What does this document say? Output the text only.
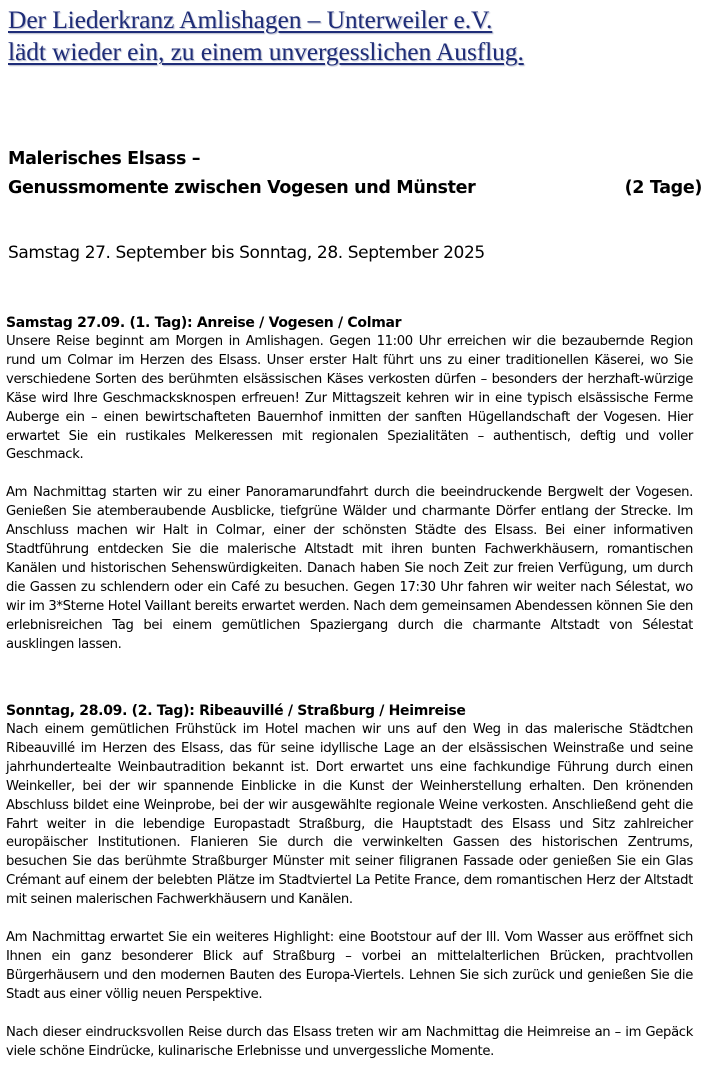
Der Liederkranz Amlishagen – Unterweiler e.V.
lädt wieder ein, zu einem unvergesslichen Ausflug.
Malerisches Elsass –
Genussmomente zwischen Vogesen und Münster	(2 Tage)
Samstag 27. September bis Sonntag, 28. September 2025

Samstag 27.09. (1. Tag): Anreise / Vogesen / Colmar

Unsere Reise beginnt am Morgen in Amlishagen. Gegen 11:00 Uhr erreichen wir die bezaubernde Region rund um Colmar im Herzen des Elsass. Unser erster Halt führt uns zu einer traditionellen Käserei, wo Sie verschiedene Sorten des berühmten elsässischen Käses verkosten dürfen – besonders der herzhaft-würzige Käse wird Ihre Geschmacksknospen erfreuen! Zur Mittagszeit kehren wir in eine typisch elsässische Ferme Auberge ein – einen bewirtschafteten Bauernhof inmitten der sanften Hügellandschaft der Vogesen. Hier erwartet Sie ein rustikales Melkeressen mit regionalen Spezialitäten – authentisch, deftig und voller Geschmack.

Am Nachmittag starten wir zu einer Panoramarundfahrt durch die beeindruckende Bergwelt der Vogesen. Genießen Sie atemberaubende Ausblicke, tiefgrüne Wälder und charmante Dörfer entlang der Strecke. Im Anschluss machen wir Halt in Colmar, einer der schönsten Städte des Elsass. Bei einer informativen Stadtführung entdecken Sie die malerische Altstadt mit ihren bunten Fachwerkhäusern, romantischen Kanälen und historischen Sehenswürdigkeiten. Danach haben Sie noch Zeit zur freien Verfügung, um durch die Gassen zu schlendern oder ein Café zu besuchen. Gegen 17:30 Uhr fahren wir weiter nach Sélestat, wo wir im 3*Sterne Hotel Vaillant bereits erwartet werden. Nach dem gemeinsamen Abendessen können Sie den erlebnisreichen Tag bei einem gemütlichen Spaziergang durch die charmante Altstadt von Sélestat ausklingen lassen.

Sonntag, 28.09. (2. Tag): Ribeauvillé / Straßburg / Heimreise

Nach einem gemütlichen Frühstück im Hotel machen wir uns auf den Weg in das malerische Städtchen Ribeauvillé im Herzen des Elsass, das für seine idyllische Lage an der elsässischen Weinstraße und seine jahrhundertealte Weinbautradition bekannt ist. Dort erwartet uns eine fachkundige Führung durch einen Weinkeller, bei der wir spannende Einblicke in die Kunst der Weinherstellung erhalten. Den krönenden Abschluss bildet eine Weinprobe, bei der wir ausgewählte regionale Weine verkosten. Anschließend geht die Fahrt weiter in die lebendige Europastadt Straßburg, die Hauptstadt des Elsass und Sitz zahlreicher europäischer Institutionen. Flanieren Sie durch die verwinkelten Gassen des historischen Zentrums, besuchen Sie das berühmte Straßburger Münster mit seiner filigranen Fassade oder genießen Sie ein Glas Crémant auf einem der belebten Plätze im Stadtviertel La Petite France, dem romantischen Herz der Altstadt mit seinen malerischen Fachwerkhäusern und Kanälen.

Am Nachmittag erwartet Sie ein weiteres Highlight: eine Bootstour auf der Ill. Vom Wasser aus eröffnet sich Ihnen ein ganz besonderer Blick auf Straßburg – vorbei an mittelalterlichen Brücken, prachtvollen Bürgerhäusern und den modernen Bauten des Europa-Viertels. Lehnen Sie sich zurück und genießen Sie die Stadt aus einer völlig neuen Perspektive.

Nach dieser eindrucksvollen Reise durch das Elsass treten wir am Nachmittag die Heimreise an – im Gepäck viele schöne Eindrücke, kulinarische Erlebnisse und unvergessliche Momente.
